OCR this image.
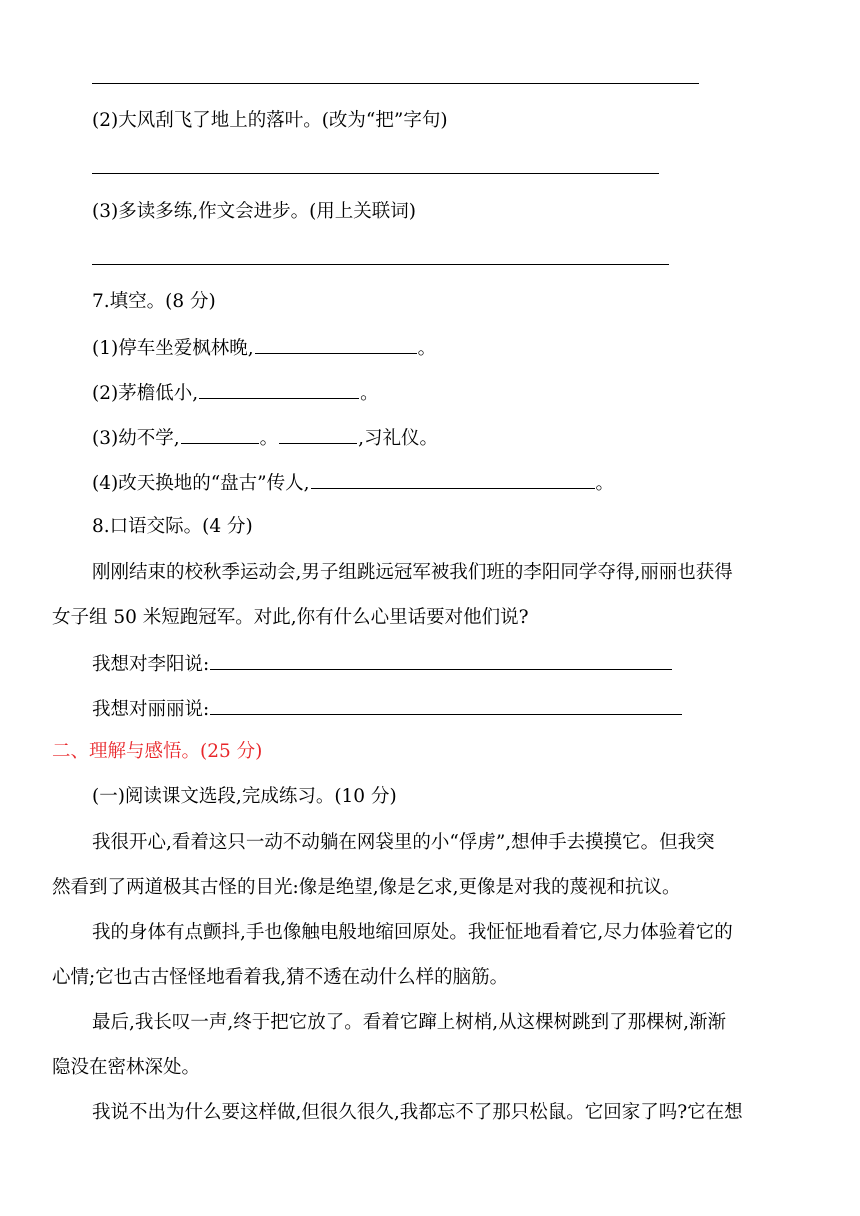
(2)大风刮飞了地上的落叶。(改为“把”字句)
(3)多读多练,作文会进步。(用上关联词)
7.填空。(8 分)
(1)停车坐爱枫林晚,	。
(2)茅檐低小,	。
(3)幼不学,	。	,习礼仪。
(4)改天换地的“盘古”传人,	。
8.口语交际。(4 分)
刚刚结束的校秋季运动会,男子组跳远冠军被我们班的李阳同学夺得,丽丽也获得
女子组 50 米短跑冠军。对此,你有什么心里话要对他们说?
我想对李阳说:
我想对丽丽说:
二、理解与感悟。(25 分)
(一)阅读课文选段,完成练习。(10 分)
我很开心,看着这只一动不动躺在网袋里的小“俘虏”,想伸手去摸摸它。但我突
然看到了两道极其古怪的目光:像是绝望,像是乞求,更像是对我的蔑视和抗议。
我的身体有点颤抖,手也像触电般地缩回原处。我怔怔地看着它,尽力体验着它的
心情;它也古古怪怪地看着我,猜不透在动什么样的脑筋。
最后,我长叹一声,终于把它放了。看着它蹿上树梢,从这棵树跳到了那棵树,渐渐
隐没在密林深处。
我说不出为什么要这样做,但很久很久,我都忘不了那只松鼠。它回家了吗?它在想
